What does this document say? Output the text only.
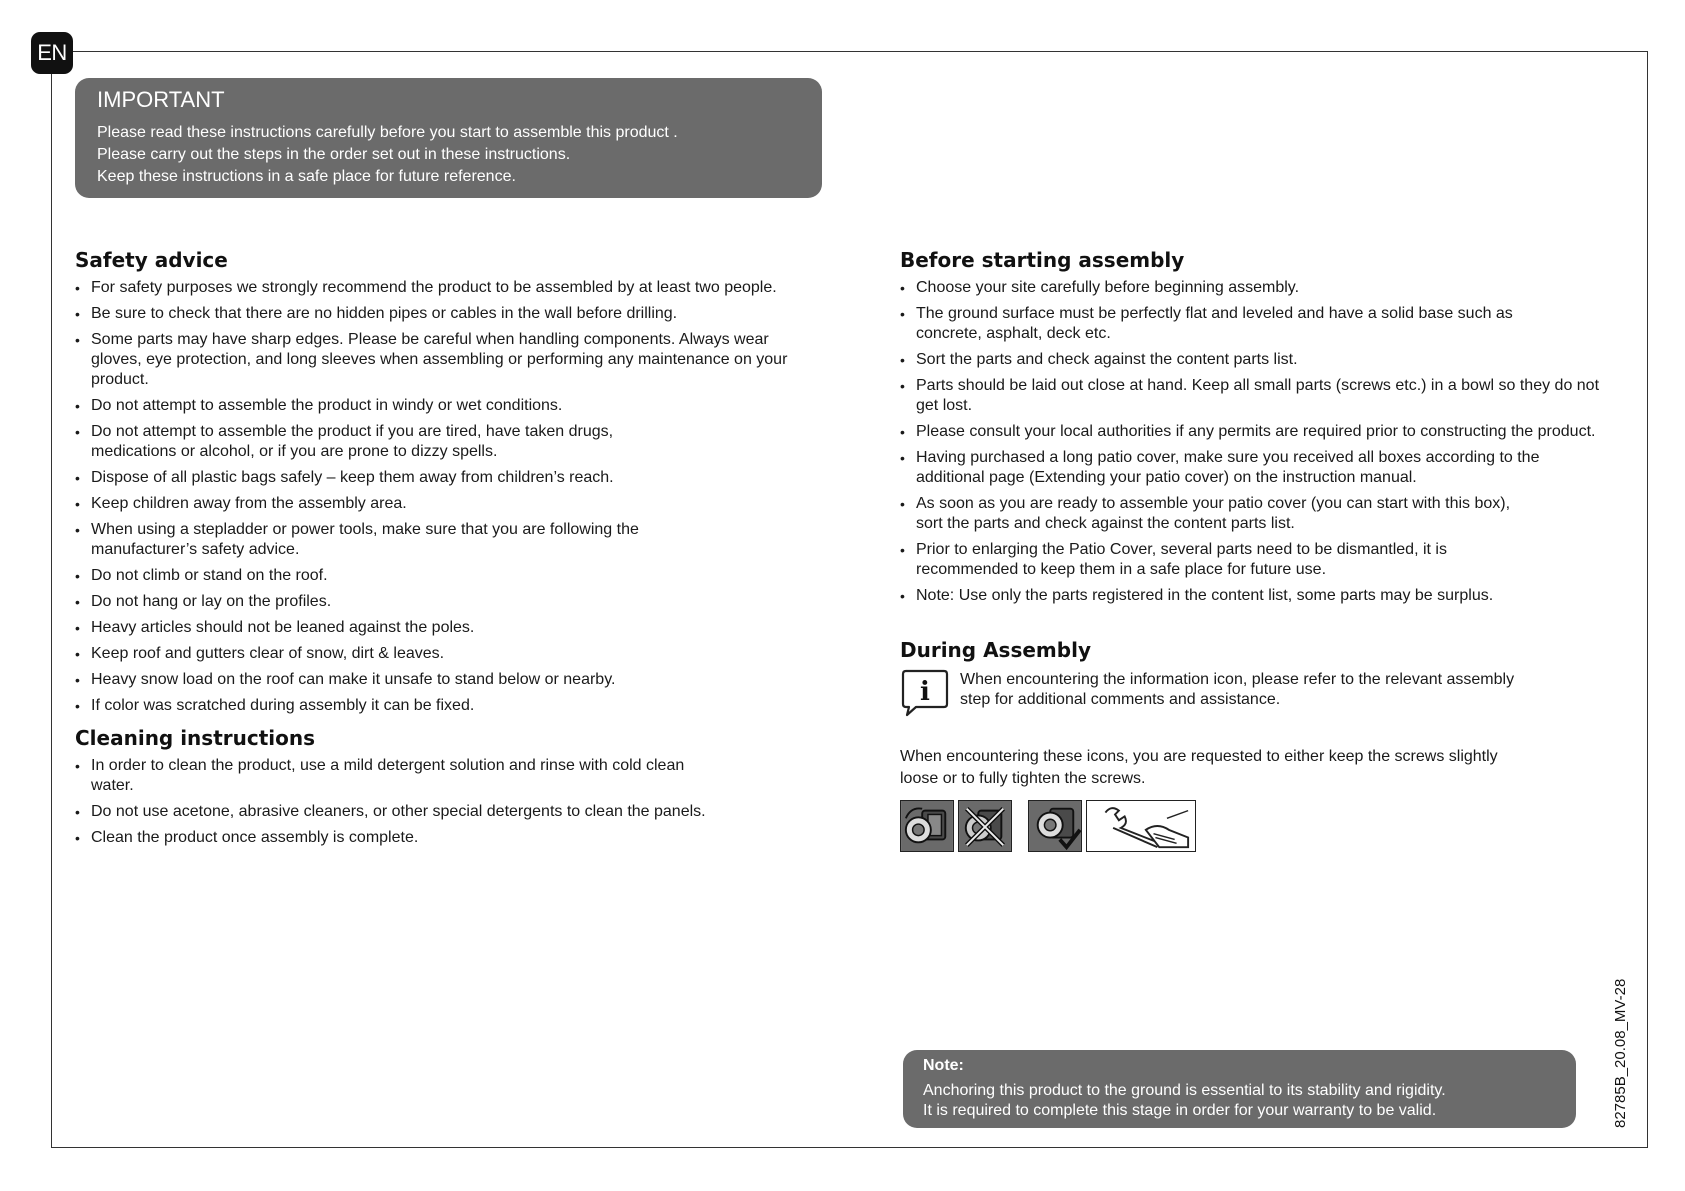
EN
IMPORTANT
Please read these instructions carefully before you start to assemble this product .
Please carry out the steps in the order set out in these instructions.
Keep these instructions in a safe place for future reference.
Safety advice
• For safety purposes we strongly recommend the product to be assembled by at least two people.
• Be sure to check that there are no hidden pipes or cables in the wall before drilling.
• Some parts may have sharp edges. Please be careful when handling components. Always wear gloves, eye protection, and long sleeves when assembling or performing any maintenance on your product.
• Do not attempt to assemble the product in windy or wet conditions.
• Do not attempt to assemble the product if you are tired, have taken drugs, medications or alcohol, or if you are prone to dizzy spells.
• Dispose of all plastic bags safely – keep them away from children’s reach.
• Keep children away from the assembly area.
• When using a stepladder or power tools, make sure that you are following the manufacturer’s safety advice.
• Do not climb or stand on the roof.
• Do not hang or lay on the profiles.
• Heavy articles should not be leaned against the poles.
• Keep roof and gutters clear of snow, dirt & leaves.
• Heavy snow load on the roof can make it unsafe to stand below or nearby.
• If color was scratched during assembly it can be fixed.
Cleaning instructions
• In order to clean the product, use a mild detergent solution and rinse with cold clean water.
• Do not use acetone, abrasive cleaners, or other special detergents to clean the panels.
• Clean the product once assembly is complete.
Before starting assembly
• Choose your site carefully before beginning assembly.
• The ground surface must be perfectly flat and leveled and have a solid base such as concrete, asphalt, deck etc.
• Sort the parts and check against the content parts list.
• Parts should be laid out close at hand. Keep all small parts (screws etc.) in a bowl so they do not get lost.
• Please consult your local authorities if any permits are required prior to constructing the product.
• Having purchased a long patio cover, make sure you received all boxes according to the additional page (Extending your patio cover) on the instruction manual.
• As soon as you are ready to assemble your patio cover (you can start with this box), sort the parts and check against the content parts list.
• Prior to enlarging the Patio Cover, several parts need to be dismantled, it is recommended to keep them in a safe place for future use.
• Note: Use only the parts registered in the content list, some parts may be surplus.
During Assembly
i When encountering the information icon, please refer to the relevant assembly step for additional comments and assistance.
When encountering these icons, you are requested to either keep the screws slightly loose or to fully tighten the screws.
Note:
Anchoring this product to the ground is essential to its stability and rigidity.
It is required to complete this stage in order for your warranty to be valid.	82785B_20.08_MV-28
